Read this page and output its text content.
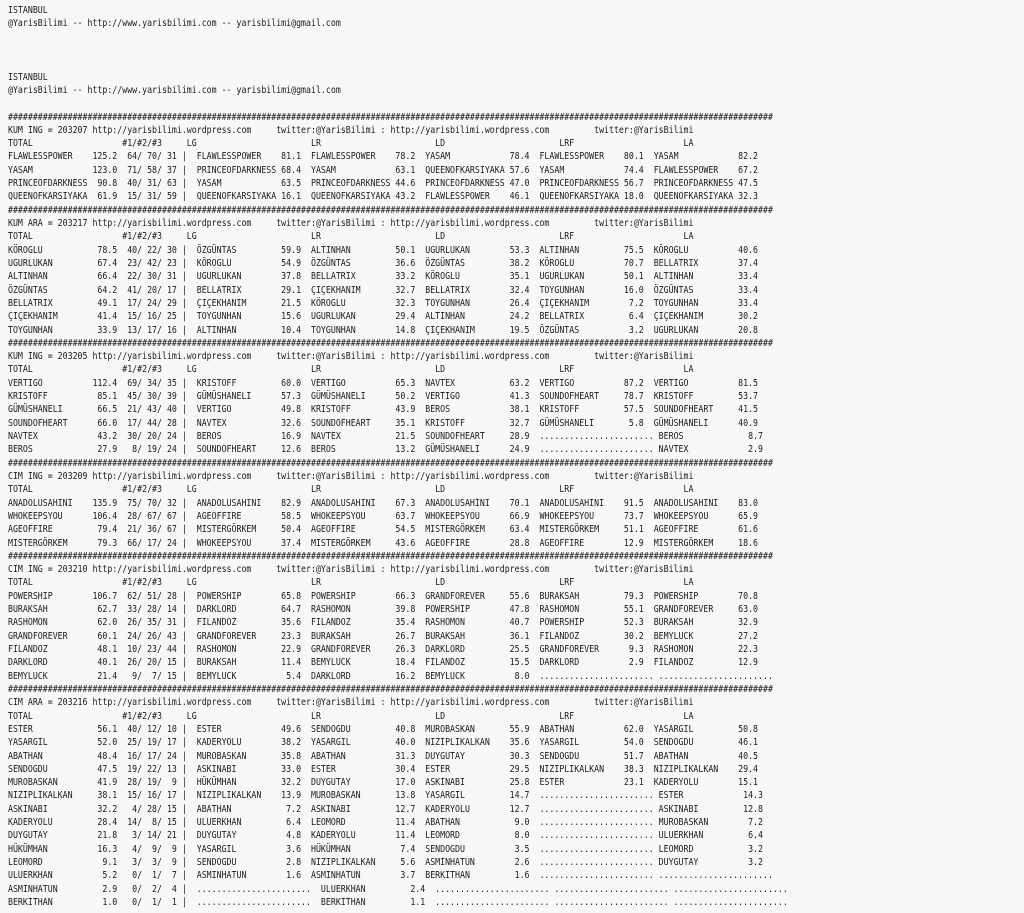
ISTANBUL
@YarisBilimi -- http://www.yarisbilimi.com -- yarisbilimi@gmail.com

ISTANBUL
@YarisBilimi -- http://www.yarisbilimi.com -- yarisbilimi@gmail.com

##########################################################################################################################################################
KUM ING = 203207 http://yarisbilimi.wordpress.com     twitter:@YarisBilimi : http://yarisbilimi.wordpress.com         twitter:@YarisBilimi
TOTAL                  #1/#2/#3     LG                       LR                       LD                       LRF                      LA
FLAWLESSPOWER    125.2  64/ 70/ 31 |  FLAWLESSPOWER    81.1  FLAWLESSPOWER    78.2  YASAM            78.4  FLAWLESSPOWER    80.1  YASAM            82.2
YASAM            123.0  71/ 58/ 37 |  PRINCEOFDARKNESS 68.4  YASAM            63.1  QUEENOFKARSIYAKA 57.6  YASAM            74.4  FLAWLESSPOWER    67.2
PRINCEOFDARKNESS  90.8  40/ 31/ 63 |  YASAM            63.5  PRINCEOFDARKNESS 44.6  PRINCEOFDARKNESS 47.0  PRINCEOFDARKNESS 56.7  PRINCEOFDARKNESS 47.5
QUEENOFKARSIYAKA  61.9  15/ 31/ 59 |  QUEENOFKARSIYAKA 16.1  QUEENOFKARSIYAKA 43.2  FLAWLESSPOWER    46.1  QUEENOFKARSIYAKA 18.0  QUEENOFKARSIYAKA 32.3
##########################################################################################################################################################
KUM ARA = 203217 http://yarisbilimi.wordpress.com     twitter:@YarisBilimi : http://yarisbilimi.wordpress.com         twitter:@YarisBilimi
TOTAL                  #1/#2/#3     LG                       LR                       LD                       LRF                      LA
KÖROGLU           78.5  40/ 22/ 30 |  ÖZGÜNTAS         59.9  ALTINHAN         50.1  UGURLUKAN        53.3  ALTINHAN         75.5  KÖROGLU          40.6
UGURLUKAN         67.4  23/ 42/ 23 |  KÖROGLU          54.9  ÖZGÜNTAS         36.6  ÖZGÜNTAS         38.2  KÖROGLU          70.7  BELLATRIX        37.4
ALTINHAN          66.4  22/ 30/ 31 |  UGURLUKAN        37.8  BELLATRIX        33.2  KÖROGLU          35.1  UGURLUKAN        50.1  ALTINHAN         33.4
ÖZGÜNTAS          64.2  41/ 20/ 17 |  BELLATRIX        29.1  ÇIÇEKHANIM       32.7  BELLATRIX        32.4  TOYGUNHAN        16.0  ÖZGÜNTAS         33.4
BELLATRIX         49.1  17/ 24/ 29 |  ÇIÇEKHANIM       21.5  KÖROGLU          32.3  TOYGUNHAN        26.4  ÇIÇEKHANIM        7.2  TOYGUNHAN        33.4
ÇIÇEKHANIM        41.4  15/ 16/ 25 |  TOYGUNHAN        15.6  UGURLUKAN        29.4  ALTINHAN         24.2  BELLATRIX         6.4  ÇIÇEKHANIM       30.2
TOYGUNHAN         33.9  13/ 17/ 16 |  ALTINHAN         10.4  TOYGUNHAN        14.8  ÇIÇEKHANIM       19.5  ÖZGÜNTAS          3.2  UGURLUKAN        20.8
##########################################################################################################################################################
KUM ING = 203205 http://yarisbilimi.wordpress.com     twitter:@YarisBilimi : http://yarisbilimi.wordpress.com         twitter:@YarisBilimi
TOTAL                  #1/#2/#3     LG                       LR                       LD                       LRF                      LA
VERTIGO          112.4  69/ 34/ 35 |  KRISTOFF         60.0  VERTIGO          65.3  NAVTEX           63.2  VERTIGO          87.2  VERTIGO          81.5
KRISTOFF          85.1  45/ 30/ 39 |  GÜMÜSHANELI      57.3  GÜMÜSHANELI      50.2  VERTIGO          41.3  SOUNDOFHEART     78.7  KRISTOFF         53.7
GÜMÜSHANELI       66.5  21/ 43/ 40 |  VERTIGO          49.8  KRISTOFF         43.9  BEROS            38.1  KRISTOFF         57.5  SOUNDOFHEART     41.5
SOUNDOFHEART      66.0  17/ 44/ 28 |  NAVTEX           32.6  SOUNDOFHEART     35.1  KRISTOFF         32.7  GÜMÜSHANELI       5.8  GÜMÜSHANELI      40.9
NAVTEX            43.2  30/ 20/ 24 |  BEROS            16.9  NAVTEX           21.5  SOUNDOFHEART     28.9  ....................... BEROS             8.7
BEROS             27.9   8/ 19/ 24 |  SOUNDOFHEART     12.6  BEROS            13.2  GÜMÜSHANELI      24.9  ....................... NAVTEX            2.9
##########################################################################################################################################################
CIM ING = 203209 http://yarisbilimi.wordpress.com     twitter:@YarisBilimi : http://yarisbilimi.wordpress.com         twitter:@YarisBilimi
TOTAL                  #1/#2/#3     LG                       LR                       LD                       LRF                      LA
ANADOLUSAHINI    135.9  75/ 70/ 32 |  ANADOLUSAHINI    82.9  ANADOLUSAHINI    67.3  ANADOLUSAHINI    70.1  ANADOLUSAHINI    91.5  ANADOLUSAHINI    83.0
WHOKEEPSYOU      106.4  28/ 67/ 67 |  AGEOFFIRE        58.5  WHOKEEPSYOU      63.7  WHOKEEPSYOU      66.9  WHOKEEPSYOU      73.7  WHOKEEPSYOU      65.9
AGEOFFIRE         79.4  21/ 36/ 67 |  MISTERGÖRKEM     50.4  AGEOFFIRE        54.5  MISTERGÖRKEM     63.4  MISTERGÖRKEM     51.1  AGEOFFIRE        61.6
MISTERGÖRKEM      79.3  66/ 17/ 24 |  WHOKEEPSYOU      37.4  MISTERGÖRKEM     43.6  AGEOFFIRE        28.8  AGEOFFIRE        12.9  MISTERGÖRKEM     18.6
##########################################################################################################################################################
CIM ING = 203210 http://yarisbilimi.wordpress.com     twitter:@YarisBilimi : http://yarisbilimi.wordpress.com         twitter:@YarisBilimi
TOTAL                  #1/#2/#3     LG                       LR                       LD                       LRF                      LA
POWERSHIP        106.7  62/ 51/ 28 |  POWERSHIP        65.8  POWERSHIP        66.3  GRANDFOREVER     55.6  BURAKSAH         79.3  POWERSHIP        70.8
BURAKSAH          62.7  33/ 28/ 14 |  DARKLORD         64.7  RASHOMON         39.8  POWERSHIP        47.8  RASHOMON         55.1  GRANDFOREVER     63.0
RASHOMON          62.0  26/ 35/ 31 |  FILANDOZ         35.6  FILANDOZ         35.4  RASHOMON         40.7  POWERSHIP        52.3  BURAKSAH         32.9
GRANDFOREVER      60.1  24/ 26/ 43 |  GRANDFOREVER     23.3  BURAKSAH         26.7  BURAKSAH         36.1  FILANDOZ         30.2  BEMYLUCK         27.2
FILANDOZ          48.1  10/ 23/ 44 |  RASHOMON         22.9  GRANDFOREVER     26.3  DARKLORD         25.5  GRANDFOREVER      9.3  RASHOMON         22.3
DARKLORD          40.1  26/ 20/ 15 |  BURAKSAH         11.4  BEMYLUCK         18.4  FILANDOZ         15.5  DARKLORD          2.9  FILANDOZ         12.9
BEMYLUCK          21.4   9/  7/ 15 |  BEMYLUCK          5.4  DARKLORD         16.2  BEMYLUCK          8.0  ....................... .......................
##########################################################################################################################################################
CIM ARA = 203216 http://yarisbilimi.wordpress.com     twitter:@YarisBilimi : http://yarisbilimi.wordpress.com         twitter:@YarisBilimi
TOTAL                  #1/#2/#3     LG                       LR                       LD                       LRF                      LA
ESTER             56.1  40/ 12/ 10 |  ESTER            49.6  SENDOGDU         40.8  MUROBASKAN       55.9  ABATHAN          62.0  YASARGIL         50.8
YASARGIL          52.0  25/ 19/ 17 |  KADERYOLU        38.2  YASARGIL         40.0  NIZIPLIKALKAN    35.6  YASARGIL         54.0  SENDOGDU         46.1
ABATHAN           48.4  16/ 17/ 24 |  MUROBASKAN       35.8  ABATHAN          31.3  DUYGUTAY         30.3  SENDOGDU         51.7  ABATHAN          40.5
SENDOGDU          47.5  19/ 22/ 13 |  ASKINABI         33.0  ESTER            30.4  ESTER            29.5  NIZIPLIKALKAN    38.3  NIZIPLIKALKAN    29.4
MUROBASKAN        41.9  28/ 19/  9 |  HÜKÜMHAN         32.2  DUYGUTAY         17.0  ASKINABI         25.8  ESTER            23.1  KADERYOLU        15.1
NIZIPLIKALKAN     38.1  15/ 16/ 17 |  NIZIPLIKALKAN    13.9  MUROBASKAN       13.8  YASARGIL         14.7  ....................... ESTER            14.3
ASKINABI          32.2   4/ 28/ 15 |  ABATHAN           7.2  ASKINABI         12.7  KADERYOLU        12.7  ....................... ASKINABI         12.8
KADERYOLU         28.4  14/  8/ 15 |  ULUERKHAN         6.4  LEOMORD          11.4  ABATHAN           9.0  ....................... MUROBASKAN        7.2
DUYGUTAY          21.8   3/ 14/ 21 |  DUYGUTAY          4.8  KADERYOLU        11.4  LEOMORD           8.0  ....................... ULUERKHAN         6.4
HÜKÜMHAN          16.3   4/  9/  9 |  YASARGIL          3.6  HÜKÜMHAN          7.4  SENDOGDU          3.5  ....................... LEOMORD           3.2
LEOMORD            9.1   3/  3/  9 |  SENDOGDU          2.8  NIZIPLIKALKAN     5.6  ASMINHATUN        2.6  ....................... DUYGUTAY          3.2
ULUERKHAN          5.2   0/  1/  7 |  ASMINHATUN        1.6  ASMINHATUN        3.7  BERKITHAN         1.6  ....................... .......................
ASMINHATUN         2.9   0/  2/  4 |  .......................  ULUERKHAN         2.4  ....................... ....................... .......................
BERKITHAN          1.0   0/  1/  1 |  .......................  BERKITHAN         1.1  ....................... ....................... .......................
